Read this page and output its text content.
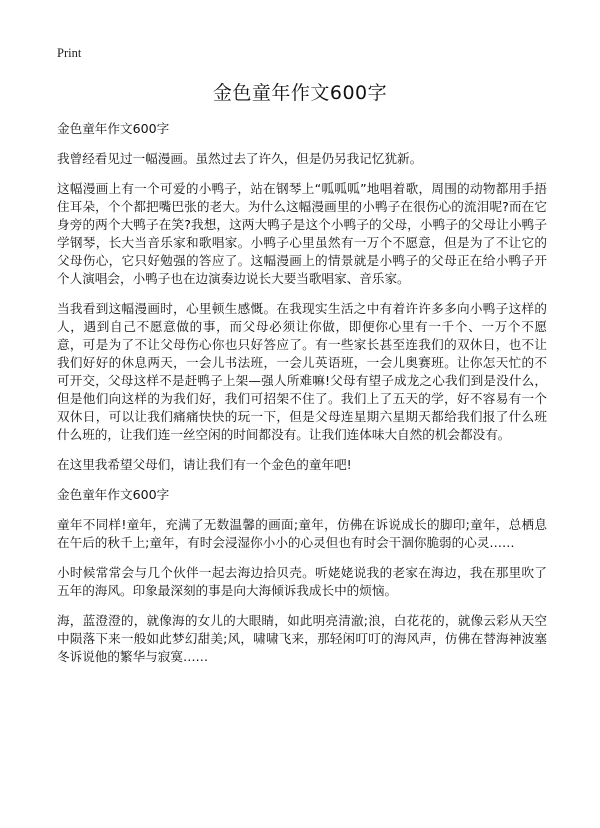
Print
金色童年作文600字

金色童年作文600字

我曾经看见过一幅漫画。虽然过去了许久，但是仍另我记忆犹新。

这幅漫画上有一个可爱的小鸭子，站在钢琴上“呱呱呱”地唱着歌，周围的动物都用手捂住耳朵，个个都把嘴巴张的老大。为什么这幅漫画里的小鸭子在很伤心的流泪呢?而在它身旁的两个大鸭子在笑?我想，这两大鸭子是这个小鸭子的父母，小鸭子的父母让小鸭子学钢琴，长大当音乐家和歌唱家。小鸭子心里虽然有一万个不愿意，但是为了不让它的父母伤心，它只好勉强的答应了。这幅漫画上的情景就是小鸭子的父母正在给小鸭子开个人演唱会，小鸭子也在边演奏边说长大要当歌唱家、音乐家。

当我看到这幅漫画时，心里顿生感慨。在我现实生活之中有着许许多多向小鸭子这样的人，遇到自己不愿意做的事，而父母必须让你做，即便你心里有一千个、一万个不愿意，可是为了不让父母伤心你也只好答应了。有一些家长甚至连我们的双休日，也不让我们好好的休息两天，一会儿书法班，一会儿英语班，一会儿奥赛班。让你怎天忙的不可开交，父母这样不是赶鸭子上架—强人所难嘛!父母有望子成龙之心我们到是没什么，但是他们向这样的为我们好，我们可招架不住了。我们上了五天的学，好不容易有一个双休日，可以让我们痛痛快快的玩一下，但是父母连星期六星期天都给我们报了什么班什么班的，让我们连一丝空闲的时间都没有。让我们连体味大自然的机会都没有。

在这里我希望父母们，请让我们有一个金色的童年吧!

金色童年作文600字

童年不同样!童年，充满了无数温馨的画面;童年，仿佛在诉说成长的脚印;童年，总栖息在午后的秋千上;童年，有时会浸湿你小小的心灵但也有时会干涸你脆弱的心灵……

小时候常常会与几个伙伴一起去海边拾贝壳。听姥姥说我的老家在海边，我在那里吹了五年的海风。印象最深刻的事是向大海倾诉我成长中的烦恼。

海，蓝澄澄的，就像海的女儿的大眼睛，如此明亮清澈;浪，白花花的，就像云彩从天空中陨落下来一般如此梦幻甜美;风，啸啸飞来，那轻闲叮叮的海风声，仿佛在替海神波塞冬诉说他的繁华与寂寞……
